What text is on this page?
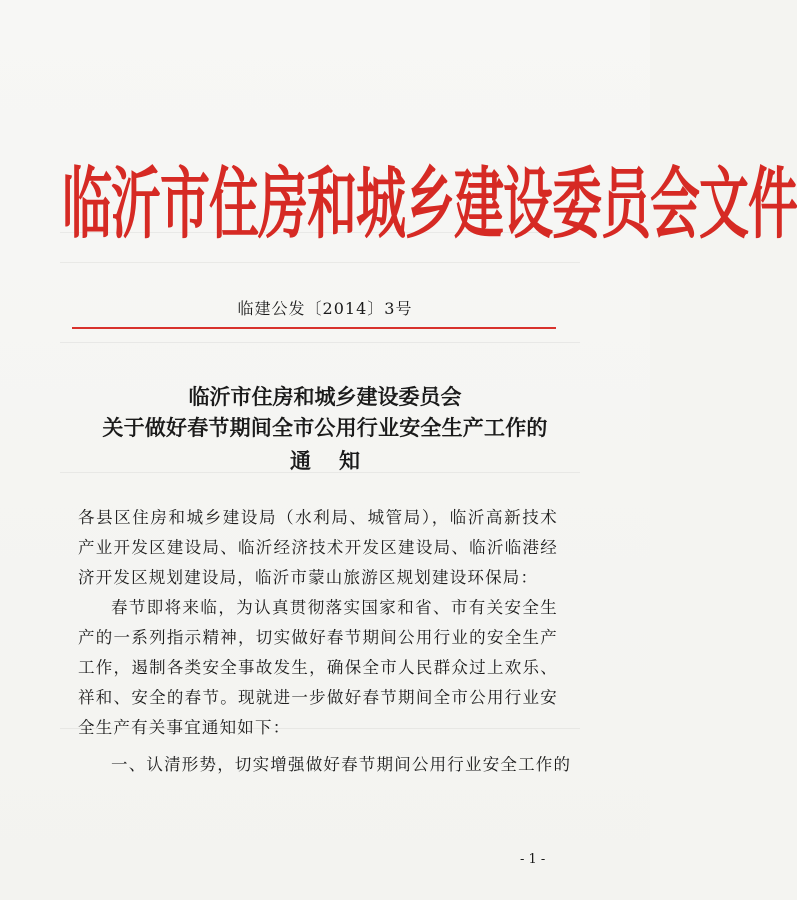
临沂市住房和城乡建设委员会文件
临建公发〔2014〕3号
临沂市住房和城乡建设委员会
关于做好春节期间全市公用行业安全生产工作的
通知
各县区住房和城乡建设局（水利局、城管局），临沂高新技术产业开发区建设局、临沂经济技术开发区建设局、临沂临港经济开发区规划建设局，临沂市蒙山旅游区规划建设环保局：
春节即将来临，为认真贯彻落实国家和省、市有关安全生产的一系列指示精神，切实做好春节期间公用行业的安全生产工作，遏制各类安全事故发生，确保全市人民群众过上欢乐、祥和、安全的春节。现就进一步做好春节期间全市公用行业安全生产有关事宜通知如下：
一、认清形势，切实增强做好春节期间公用行业安全工作的
- 1 -
